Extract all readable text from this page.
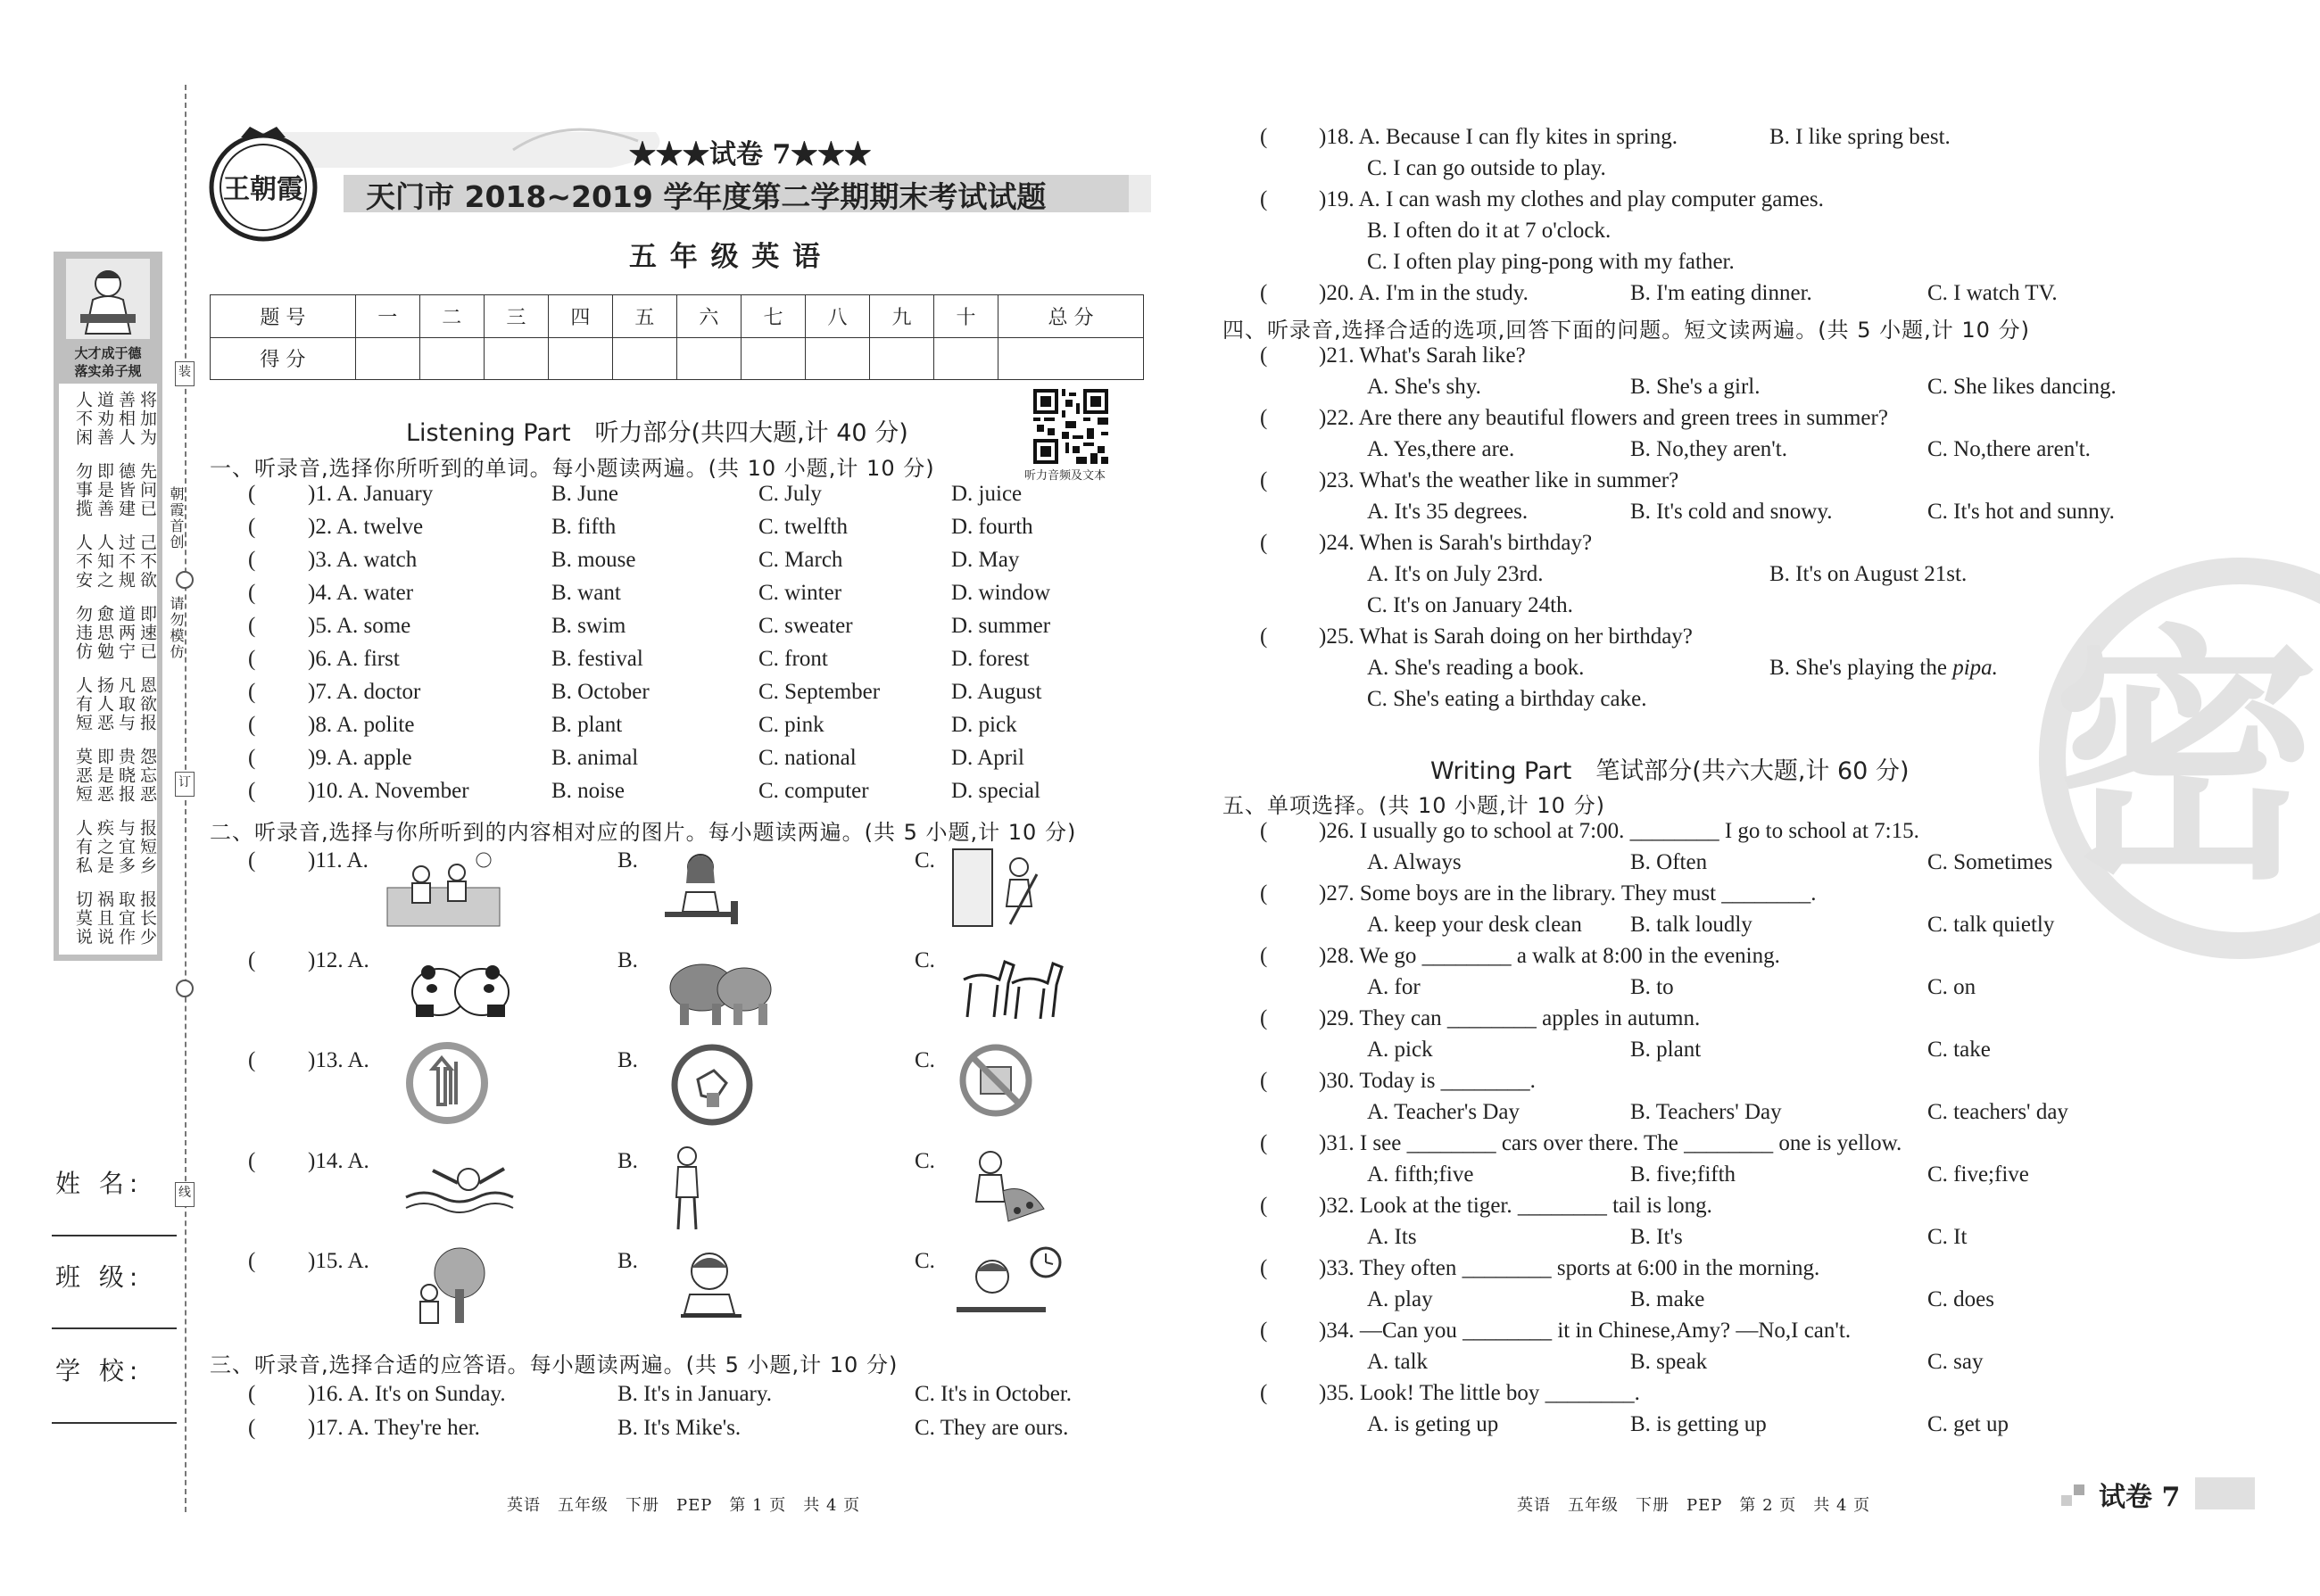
装
订
线
朝霞首创
请勿模仿
大才成于德
落实弟子规
将加为
善相人
道劝善
人不闲
先问已
德皆建
即是善
勿事揽
己不欲
过不规
人知之
人不安
即速已
道两宁
愈思勉
勿违仿
恩欲报
凡取与
扬人恶
人有短
怨忘恶
贵晓报
即是恶
莫恶短
报短乡
与宜多
疾之是
人有私
报长少
取宜作
祸且说
切莫说
姓 名:
班 级:
学 校:
王朝霞
★★★试卷 7★★★
天门市 2018~2019 学年度第二学期期末考试试题
五 年 级 英 语
题 号	一	二	三	四	五	六	七	八	九	十	总 分
得 分											
听力音频及文本
Listening Part　听力部分(共四大题,计 40 分)
一、听录音,选择你所听到的单词。每小题读两遍。(共 10 小题,计 10 分)
( )1. A. January	B. June	C. July	D. juice
( )2. A. twelve	B. fifth	C. twelfth	D. fourth
( )3. A. watch	B. mouse	C. March	D. May
( )4. A. water	B. want	C. winter	D. window
( )5. A. some	B. swim	C. sweater	D. summer
( )6. A. first	B. festival	C. front	D. forest
( )7. A. doctor	B. October	C. September	D. August
( )8. A. polite	B. plant	C. pink	D. pick
( )9. A. apple	B. animal	C. national	D. April
( )10. A. November	B. noise	C. computer	D. special
二、听录音,选择与你所听到的内容相对应的图片。每小题读两遍。(共 5 小题,计 10 分)
( )11. A.	B.	C.
( )12. A.	B.	C.
( )13. A.	B.	C.
( )14. A.	B.	C.
( )15. A.	B.	C.
三、听录音,选择合适的应答语。每小题读两遍。(共 5 小题,计 10 分)
( )16. A. It's on Sunday.	B. It's in January.	C. It's in October.
( )17. A. They're her.	B. It's Mike's.	C. They are ours.
英语　五年级　下册　PEP　第 1 页　共 4 页
密
( )18. A. Because I can fly kites in spring.	B. I like spring best.
C. I can go outside to play.
( )19. A. I can wash my clothes and play computer games.
B. I often do it at 7 o'clock.
C. I often play ping-pong with my father.
( )20. A. I'm in the study.	B. I'm eating dinner.	C. I watch TV.
四、听录音,选择合适的选项,回答下面的问题。短文读两遍。(共 5 小题,计 10 分)
( )21. What's Sarah like?
A. She's shy.	B. She's a girl.	C. She likes dancing.
( )22. Are there any beautiful flowers and green trees in summer?
A. Yes,there are.	B. No,they aren't.	C. No,there aren't.
( )23. What's the weather like in summer?
A. It's 35 degrees.	B. It's cold and snowy.	C. It's hot and sunny.
( )24. When is Sarah's birthday?
A. It's on July 23rd.	B. It's on August 21st.
C. It's on January 24th.
( )25. What is Sarah doing on her birthday?
A. She's reading a book.	B. She's playing the pipa.
C. She's eating a birthday cake.
Writing Part　笔试部分(共六大题,计 60 分)
五、单项选择。(共 10 小题,计 10 分)
( )26. I usually go to school at 7:00. ________ I go to school at 7:15.
A. Always	B. Often	C. Sometimes
( )27. Some boys are in the library. They must ________.
A. keep your desk clean B. talk loudly	C. talk quietly
( )28. We go ________ a walk at 8:00 in the evening.
A. for	B. to	C. on
( )29. They can ________ apples in autumn.
A. pick	B. plant	C. take
( )30. Today is ________.
A. Teacher's Day	B. Teachers' Day	C. teachers' day
( )31. I see ________ cars over there. The ________ one is yellow.
A. fifth;five	B. five;fifth	C. five;five
( )32. Look at the tiger. ________ tail is long.
A. Its	B. It's	C. It
( )33. They often ________ sports at 6:00 in the morning.
A. play	B. make	C. does
( )34. —Can you ________ it in Chinese,Amy? —No,I can't.
A. talk	B. speak	C. say
( )35. Look! The little boy ________.
A. is geting up	B. is getting up	C. get up
英语　五年级　下册　PEP　第 2 页　共 4 页	试卷 7
